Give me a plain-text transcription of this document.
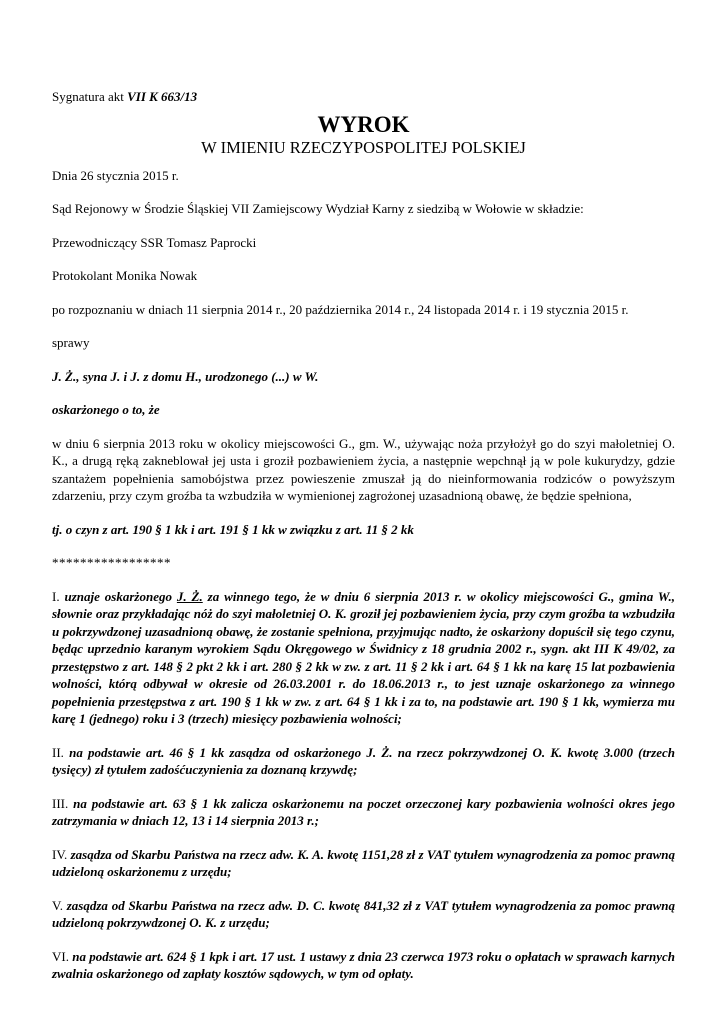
Sygnatura akt VII K 663/13

WYROK
W IMIENIU RZECZYPOSPOLITEJ POLSKIEJ

Dnia 26 stycznia 2015 r.

Sąd Rejonowy w Środzie Śląskiej VII Zamiejscowy Wydział Karny z siedzibą w Wołowie w składzie:

Przewodniczący SSR Tomasz Paprocki

Protokolant Monika Nowak

po rozpoznaniu w dniach 11 sierpnia 2014 r., 20 października 2014 r., 24 listopada 2014 r. i 19 stycznia 2015 r.

sprawy

J. Ż., syna J. i J. z domu H., urodzonego (...) w W.

oskarżonego o to, że

w dniu 6 sierpnia 2013 roku w okolicy miejscowości G., gm. W., używając noża przyłożył go do szyi małoletniej O. K., a drugą ręką zakneblował jej usta i groził pozbawieniem życia, a następnie wepchnął ją w pole kukurydzy, gdzie szantażem popełnienia samobójstwa przez powieszenie zmuszał ją do nieinformowania rodziców o powyższym zdarzeniu, przy czym groźba ta wzbudziła w wymienionej zagrożonej uzasadnioną obawę, że będzie spełniona,

tj. o czyn z art. 190 § 1 kk i art. 191 § 1 kk w związku z art. 11 § 2 kk

*****************

I. uznaje oskarżonego J. Ż. za winnego tego, że w dniu 6 sierpnia 2013 r. w okolicy miejscowości G., gmina W., słownie oraz przykładając nóż do szyi małoletniej O. K. groził jej pozbawieniem życia, przy czym groźba ta wzbudziła u pokrzywdzonej uzasadnioną obawę, że zostanie spełniona, przyjmując nadto, że oskarżony dopuścił się tego czynu, będąc uprzednio karanym wyrokiem Sądu Okręgowego w Świdnicy z 18 grudnia 2002 r., sygn. akt III K 49/02, za przestępstwo z art. 148 § 2 pkt 2 kk i art. 280 § 2 kk w zw. z art. 11 § 2 kk i art. 64 § 1 kk na karę 15 lat pozbawienia wolności, którą odbywał w okresie od 26.03.2001 r. do 18.06.2013 r., to jest uznaje oskarżonego za winnego popełnienia przestępstwa z art. 190 § 1 kk w zw. z art. 64 § 1 kk i za to, na podstawie art. 190 § 1 kk, wymierza mu karę 1 (jednego) roku i 3 (trzech) miesięcy pozbawienia wolności;

II. na podstawie art. 46 § 1 kk zasądza od oskarżonego J. Ż. na rzecz pokrzywdzonej O. K. kwotę 3.000 (trzech tysięcy) zł tytułem zadośćuczynienia za doznaną krzywdę;

III. na podstawie art. 63 § 1 kk zalicza oskarżonemu na poczet orzeczonej kary pozbawienia wolności okres jego zatrzymania w dniach 12, 13 i 14 sierpnia 2013 r.;

IV. zasądza od Skarbu Państwa na rzecz adw. K. A. kwotę 1151,28 zł z VAT tytułem wynagrodzenia za pomoc prawną udzieloną oskarżonemu z urzędu;

V. zasądza od Skarbu Państwa na rzecz adw. D. C. kwotę 841,32 zł z VAT tytułem wynagrodzenia za pomoc prawną udzieloną pokrzywdzonej O. K. z urzędu;

VI. na podstawie art. 624 § 1 kpk i art. 17 ust. 1 ustawy z dnia 23 czerwca 1973 roku o opłatach w sprawach karnych zwalnia oskarżonego od zapłaty kosztów sądowych, w tym od opłaty.
